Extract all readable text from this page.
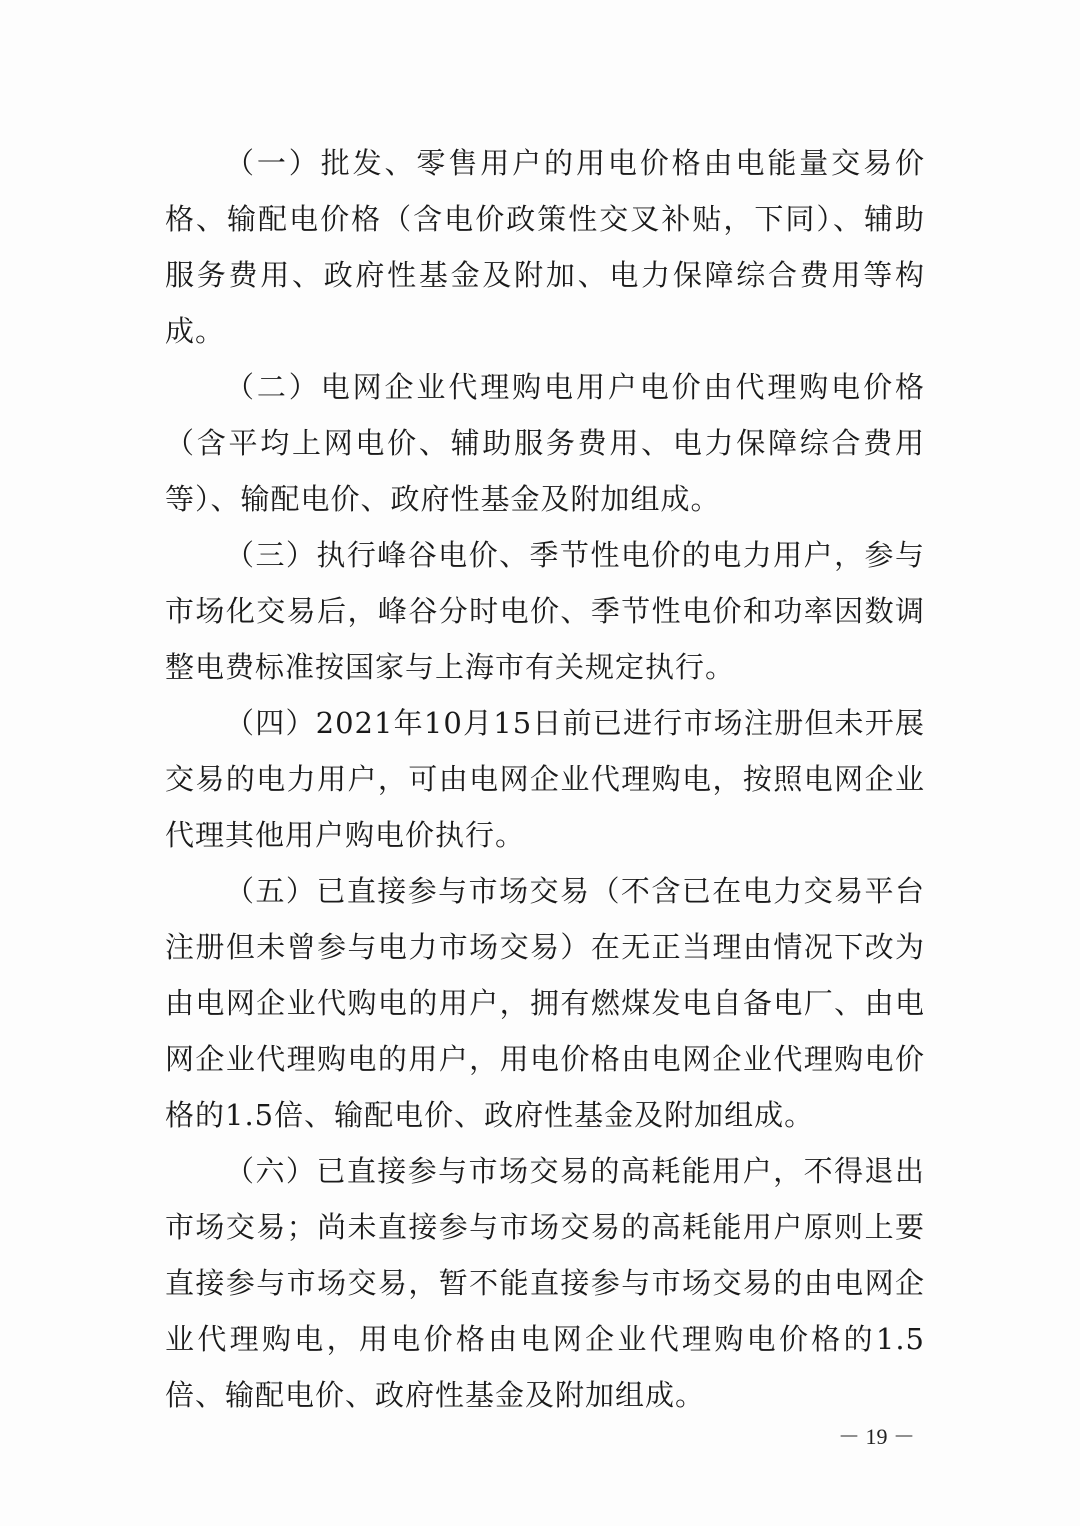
（一）批发、零售用户的用电价格由电能量交易价格、输配电价格（含电价政策性交叉补贴，下同）、辅助服务费用、政府性基金及附加、电力保障综合费用等构成。

（二）电网企业代理购电用户电价由代理购电价格（含平均上网电价、辅助服务费用、电力保障综合费用等）、输配电价、政府性基金及附加组成。

（三）执行峰谷电价、季节性电价的电力用户，参与市场化交易后，峰谷分时电价、季节性电价和功率因数调整电费标准按国家与上海市有关规定执行。

（四）2021年10月15日前已进行市场注册但未开展交易的电力用户，可由电网企业代理购电，按照电网企业代理其他用户购电价执行。

（五）已直接参与市场交易（不含已在电力交易平台注册但未曾参与电力市场交易）在无正当理由情况下改为由电网企业代购电的用户，拥有燃煤发电自备电厂、由电网企业代理购电的用户，用电价格由电网企业代理购电价格的1.5倍、输配电价、政府性基金及附加组成。

（六）已直接参与市场交易的高耗能用户，不得退出市场交易；尚未直接参与市场交易的高耗能用户原则上要直接参与市场交易，暂不能直接参与市场交易的由电网企业代理购电，用电价格由电网企业代理购电价格的1.5倍、输配电价、政府性基金及附加组成。

－ 19 －
